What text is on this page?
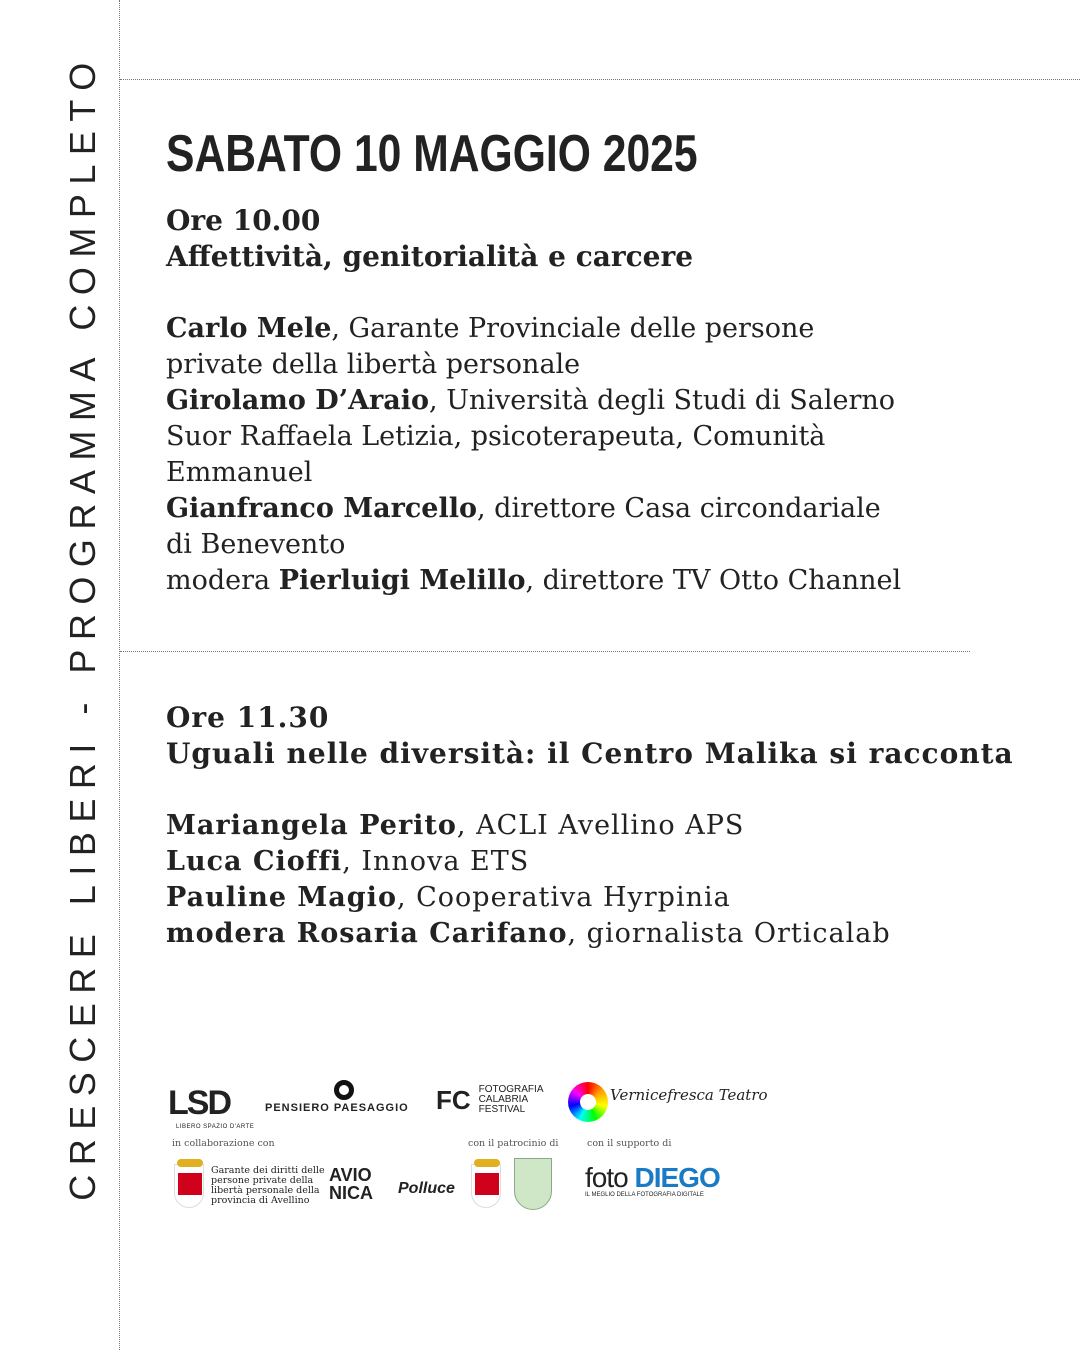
CRESCERE LIBERI - PROGRAMMA COMPLETO SABATO 10 MAGGIO 2025
Ore 10.00
Affettività, genitorialità e carcere
Carlo Mele, Garante Provinciale delle persone
private della libertà personale
Girolamo D’Araio, Università degli Studi di Salerno
Suor Raffaela Letizia, psicoterapeuta, Comunità
Emmanuel
Gianfranco Marcello, direttore Casa circondariale
di Benevento
modera Pierluigi Melillo, direttore TV Otto Channel
Ore 11.30
Uguali nelle diversità: il Centro Malika si racconta
Mariangela Perito, ACLI Avellino APS
Luca Cioffi, Innova ETS
Pauline Magio, Cooperativa Hyrpinia
modera Rosaria Carifano, giornalista Orticalab
LSD
LIBERO SPAZIO D'ARTE
PENSIERO PAESAGGIO FC FOTOGRAFIA
CALABRIA
FESTIVAL
Vernicefresca Teatro
in collaborazione con	con il patrocinio di	con il supporto di
Garante dei diritti delle
persone private della
libertà personale della
provincia di Avellino
AVIO
NICA Polluce	foto DIEGO
IL MEGLIO DELLA FOTOGRAFIA DIGITALE
